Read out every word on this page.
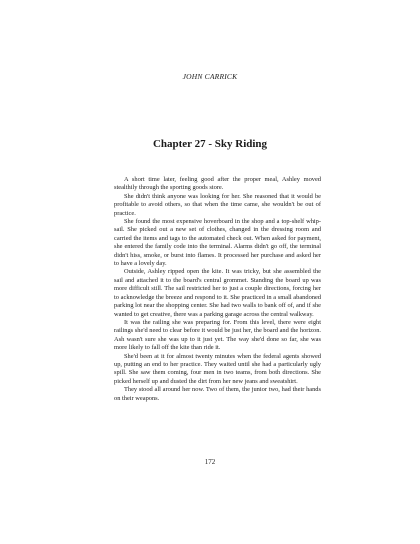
JOHN CARRICK
Chapter 27 - Sky Riding

A short time later, feeling good after the proper meal, Ashley moved stealthily through the sporting goods store.

She didn't think anyone was looking for her. She reasoned that it would be profitable to avoid others, so that when the time came, she wouldn't be out of practice.

She found the most expensive hoverboard in the shop and a top-shelf whip-sail. She picked out a new set of clothes, changed in the dressing room and carried the items and tags to the automated check out. When asked for payment, she entered the family code into the terminal. Alarms didn't go off, the terminal didn't hiss, smoke, or burst into flames. It processed her purchase and asked her to have a lovely day.

Outside, Ashley ripped open the kite. It was tricky, but she assembled the sail and attached it to the board's central grommet. Standing the board up was more difficult still. The sail restricted her to just a couple directions, forcing her to acknowledge the breeze and respond to it. She practiced in a small abandoned parking lot near the shopping center. She had two walls to bank off of, and if she wanted to get creative, there was a parking garage across the central walkway.

It was the railing she was preparing for. From this level, there were eight railings she'd need to clear before it would be just her, the board and the horizon. Ash wasn't sure she was up to it just yet. The way she'd done so far, she was more likely to fall off the kite than ride it.

She'd been at it for almost twenty minutes when the federal agents showed up, putting an end to her practice. They waited until she had a particularly ugly spill. She saw them coming, four men in two teams, from both directions. She picked herself up and dusted the dirt from her new jeans and sweatshirt.

They stood all around her now. Two of them, the junior two, had their hands on their weapons.

172
